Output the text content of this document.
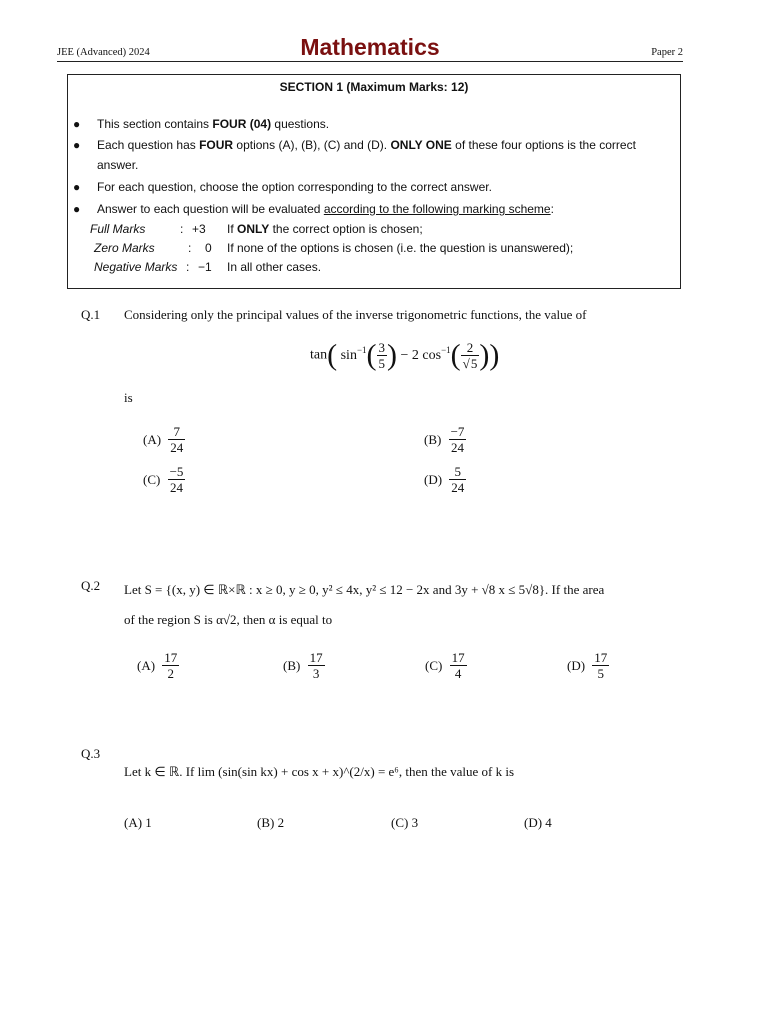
JEE (Advanced) 2024	Mathematics	Paper 2
SECTION 1 (Maximum Marks: 12)
● This section contains FOUR (04) questions.
● Each question has FOUR options (A), (B), (C) and (D). ONLY ONE of these four options is the correct answer.
● For each question, choose the option corresponding to the correct answer.
● Answer to each question will be evaluated according to the following marking scheme:
Full Marks	: +3 If ONLY the correct option is chosen;
Zero Marks	: 0 If none of the options is chosen (i.e. the question is unanswered);
Negative Marks : −1 In all other cases.
Q.1 Considering only the principal values of the inverse trigonometric functions, the value of
tan( $\sin^{-1}( \frac{3}{5}$ ) − 2 $\cos^{-1}( \frac{2}{√5}$ ))
is
$(A) \frac{7}{24}$	$(B) \frac{-7}{24}$
$(C) \frac{-5}{24}$	$(D) \frac{5}{24}$
Q.2 Let S = {(x, y) ∈ ℝ×ℝ : x ≥ 0, y ≥ 0, y² ≤ 4x, y² ≤ 12 − 2x and 3y + √8 x ≤ 5√8}. If the area
of the region S is α√2, then α is equal to
$(A) \frac{17}{2}$	$(B) \frac{17}{3}$	$(C) \frac{17}{4}$	$(D) \frac{17}{5}$
Q.3
Let k ∈ ℝ. If lim (sin(sin kx) + cos x + x)^(2/x) = e⁶, then the value of k is
(A) 1	(B) 2	(C) 3	(D) 4
